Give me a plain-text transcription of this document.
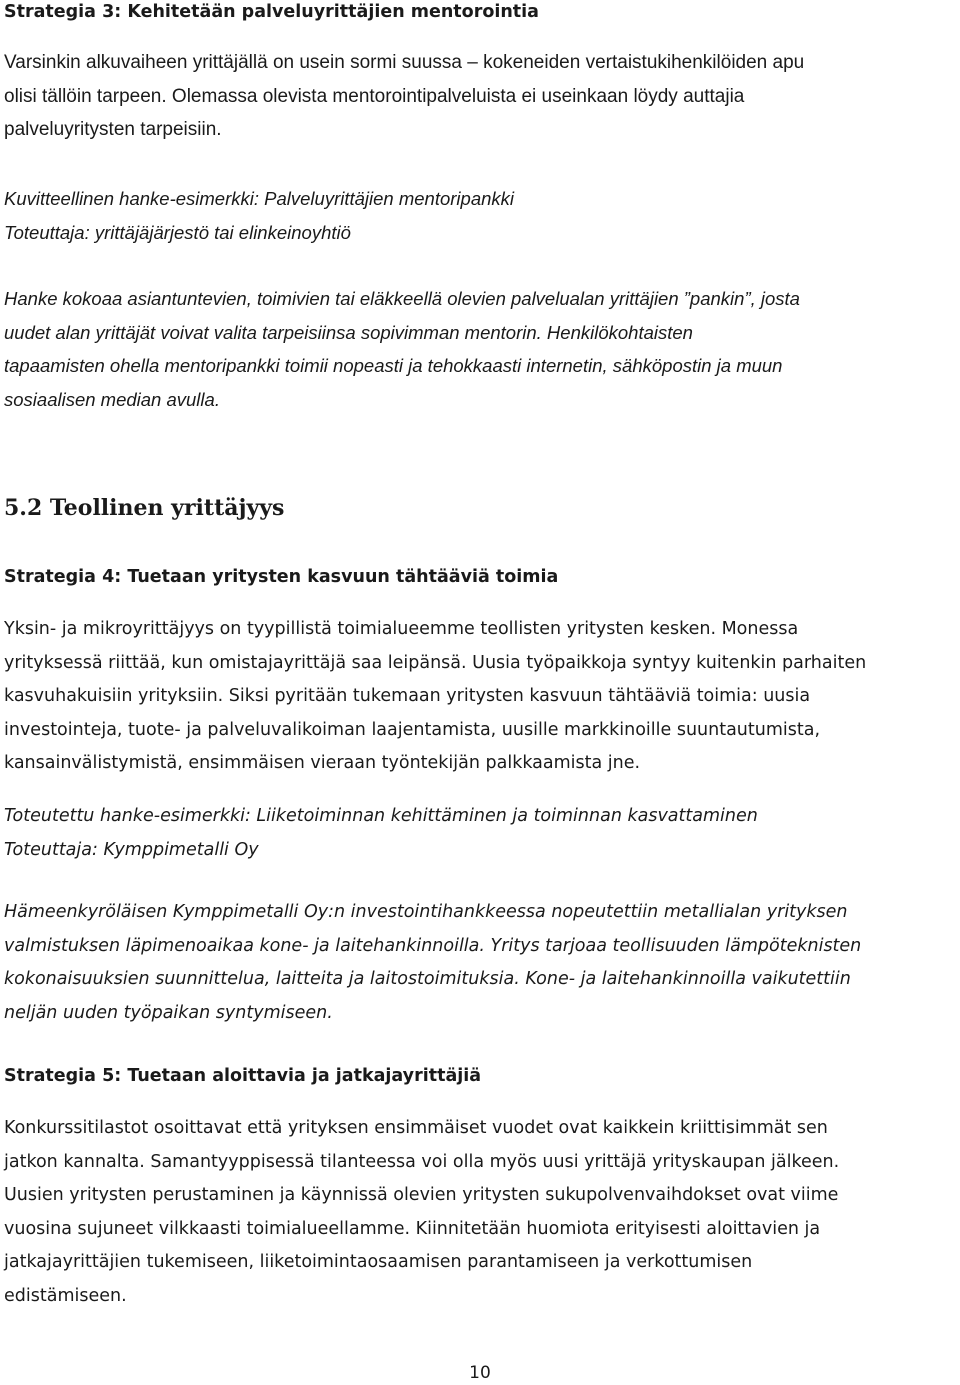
Strategia 3: Kehitetään palveluyrittäjien mentorointia
Varsinkin alkuvaiheen yrittäjällä on usein sormi suussa – kokeneiden vertaistukihenkilöiden apu
olisi tällöin tarpeen. Olemassa olevista mentorointipalveluista ei useinkaan löydy auttajia
palveluyritysten tarpeisiin.
Kuvitteellinen hanke-esimerkki: Palveluyrittäjien mentoripankki
Toteuttaja: yrittäjäjärjestö tai elinkeinoyhtiö
Hanke kokoaa asiantuntevien, toimivien tai eläkkeellä olevien palvelualan yrittäjien ”pankin”, josta
uudet alan yrittäjät voivat valita tarpeisiinsa sopivimman mentorin. Henkilökohtaisten
tapaamisten ohella mentoripankki toimii nopeasti ja tehokkaasti internetin, sähköpostin ja muun
sosiaalisen median avulla.
5.2 Teollinen yrittäjyys
Strategia 4: Tuetaan yritysten kasvuun tähtääviä toimia
Yksin- ja mikroyrittäjyys on tyypillistä toimialueemme teollisten yritysten kesken. Monessa
yrityksessä riittää, kun omistajayrittäjä saa leipänsä. Uusia työpaikkoja syntyy kuitenkin parhaiten
kasvuhakuisiin yrityksiin. Siksi pyritään tukemaan yritysten kasvuun tähtääviä toimia: uusia
investointeja, tuote- ja palveluvalikoiman laajentamista, uusille markkinoille suuntautumista,
kansainvälistymistä, ensimmäisen vieraan työntekijän palkkaamista jne.
Toteutettu hanke-esimerkki: Liiketoiminnan kehittäminen ja toiminnan kasvattaminen
Toteuttaja: Kymppimetalli Oy
Hämeenkyröläisen Kymppimetalli Oy:n investointihankkeessa nopeutettiin metallialan yrityksen
valmistuksen läpimenoaikaa kone- ja laitehankinnoilla. Yritys tarjoaa teollisuuden lämpöteknisten
kokonaisuuksien suunnittelua, laitteita ja laitostoimituksia. Kone- ja laitehankinnoilla vaikutettiin
neljän uuden työpaikan syntymiseen.
Strategia 5: Tuetaan aloittavia ja jatkajayrittäjiä
Konkurssitilastot osoittavat että yrityksen ensimmäiset vuodet ovat kaikkein kriittisimmät sen
jatkon kannalta. Samantyyppisessä tilanteessa voi olla myös uusi yrittäjä yrityskaupan jälkeen.
Uusien yritysten perustaminen ja käynnissä olevien yritysten sukupolvenvaihdokset ovat viime
vuosina sujuneet vilkkaasti toimialueellamme. Kiinnitetään huomiota erityisesti aloittavien ja
jatkajayrittäjien tukemiseen, liiketoimintaosaamisen parantamiseen ja verkottumisen
edistämiseen.
10
